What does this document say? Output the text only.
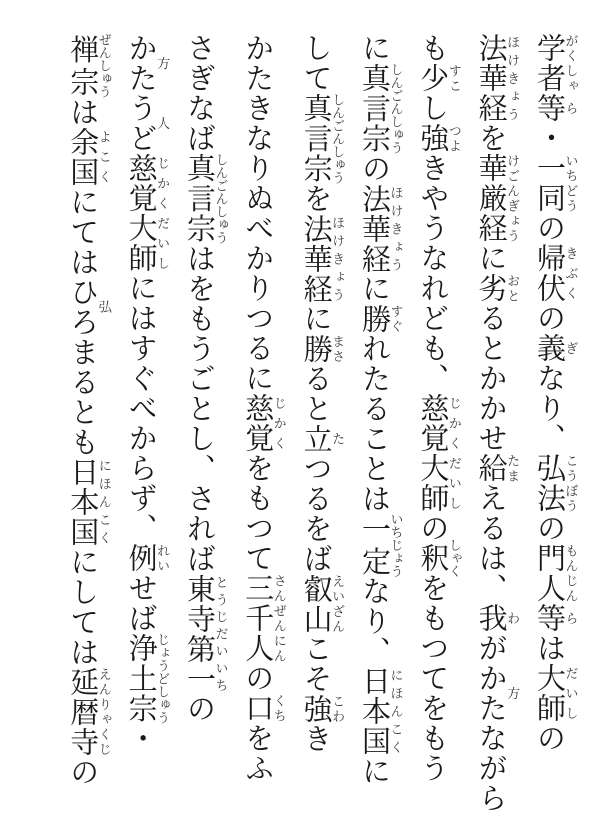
学者がくしゃ等ら・一同いちどうの帰伏きぶくの義ぎなり、弘法こうぼうの門人もんじん等らは大師だいしの

法華経ほけきょうを華厳経けごんぎょうに劣おとるとかかせ給たまえるは、我わがかた方ながら

も少すこし強つよきやうなれども、慈覚大師じかくだいしの釈しゃくをもつてをもう

に真言宗しんごんしゅうの法華経ほけきょうに勝すぐれたることは一定いちじょうなり、日本国にほんこくに

して真言宗しんごんしゅうを法華経ほけきょうに勝まさると立たつるをば叡山えいざんこそ強こわき

かたきなりぬべかりつるに慈覚じかくをもつて三千人さんぜんにんの口くちをふ

さぎなば真言宗しんごんしゅうはをもうごとし、されば東寺第一とうじだいいちの

かた方うど人慈覚大師じかくだいしにはすぐべからず、例れいせば浄土宗じょうどしゅう・

禅宗ぜんしゅうは余国よこくにてはひろ弘まるとも日本国にほんこくにしては延暦寺えんりゃくじの
